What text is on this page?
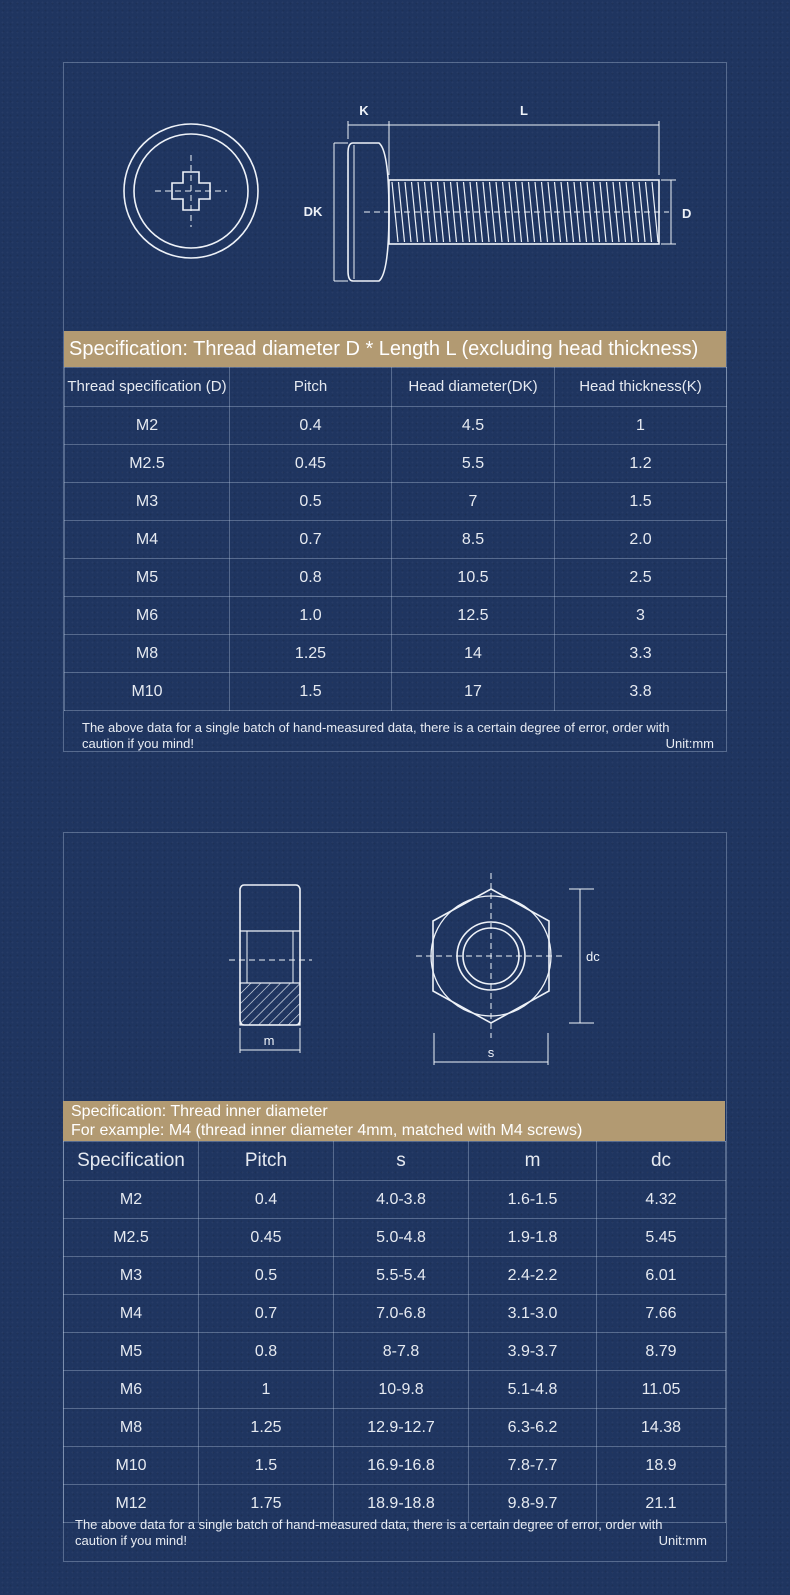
K	L
DK	D
Specification: Thread diameter D * Length L (excluding head thickness)
Thread specification (D)	Pitch	Head diameter(DK)	Head thickness(K)
M2	0.4	4.5	1
M2.5	0.45	5.5	1.2
M3	0.5	7	1.5
M4	0.7	8.5	2.0
M5	0.8	10.5	2.5
M6	1.0	12.5	3
M8	1.25	14	3.3
M10	1.5	17	3.8
The above data for a single batch of hand-measured data, there is a certain degree of error, order with caution if you mind!	Unit:mm
m
s
dc
Specification: Thread inner diameter
For example: M4 (thread inner diameter 4mm, matched with M4 screws)
Specification	Pitch	s	m	dc
M2	0.4	4.0-3.8	1.6-1.5	4.32
M2.5	0.45	5.0-4.8	1.9-1.8	5.45
M3	0.5	5.5-5.4	2.4-2.2	6.01
M4	0.7	7.0-6.8	3.1-3.0	7.66
M5	0.8	8-7.8	3.9-3.7	8.79
M6	1	10-9.8	5.1-4.8	11.05
M8	1.25	12.9-12.7	6.3-6.2	14.38
M10	1.5	16.9-16.8	7.8-7.7	18.9
M12	1.75	18.9-18.8	9.8-9.7	21.1
The above data for a single batch of hand-measured data, there is a certain degree of error, order with caution if you mind!	Unit:mm
